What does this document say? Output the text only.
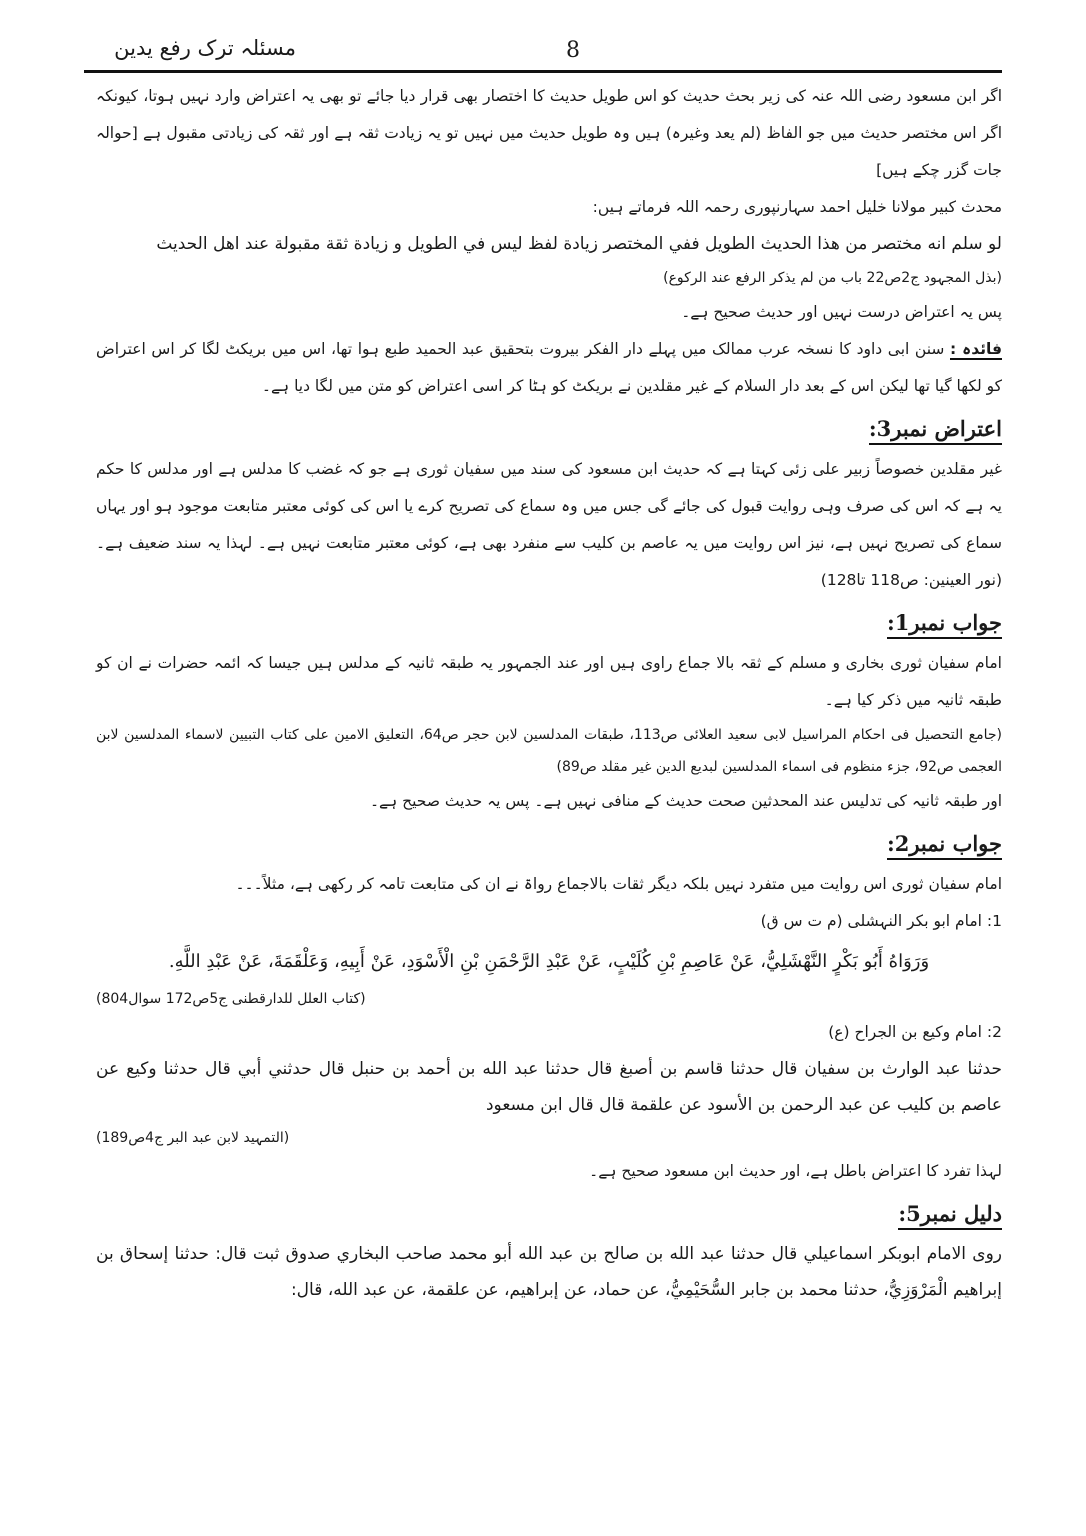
مسئلہ ترک رفع یدین	8

اگر ابن مسعود رضی اللہ عنہ کی زیر بحث حدیث کو اس طویل حدیث کا اختصار بھی قرار دیا جائے تو بھی یہ اعتراض وارد نہیں ہوتا، کیونکہ اگر اس مختصر حدیث میں جو الفاظ (لم یعد وغیرہ) ہیں وہ طویل حدیث میں نہیں تو یہ زیادت ثقہ ہے اور ثقہ کی زیادتی مقبول ہے [حوالہ جات گزر چکے ہیں]

محدث کبیر مولانا خلیل احمد سہارنپوری رحمہ اللہ فرماتے ہیں:

لو سلم انه مختصر من هذا الحديث الطويل ففي المختصر زيادة لفظ ليس في الطويل و زيادة ثقة مقبولة عند اهل الحديث

(بذل المجہود ج2ص22 باب من لم یذکر الرفع عند الرکوع)

پس یہ اعتراض درست نہیں اور حدیث صحیح ہے۔

فائدہ : سنن ابی داود کا نسخہ عرب ممالک میں پہلے دار الفکر بیروت بتحقیق عبد الحمید طبع ہوا تھا، اس میں بریکٹ لگا کر اس اعتراض کو لکھا گیا تھا لیکن اس کے بعد دار السلام کے غیر مقلدین نے بریکٹ کو ہٹا کر اسی اعتراض کو متن میں لگا دیا ہے۔

اعتراض نمبر3:

غیر مقلدین خصوصاً زبیر علی زئی کہتا ہے کہ حدیث ابن مسعود کی سند میں سفیان ثوری ہے جو کہ غضب کا مدلس ہے اور مدلس کا حکم یہ ہے کہ اس کی صرف وہی روایت قبول کی جائے گی جس میں وہ سماع کی تصریح کرے یا اس کی کوئی معتبر متابعت موجود ہو اور یہاں سماع کی تصریح نہیں ہے، نیز اس روایت میں یہ عاصم بن کلیب سے منفرد بھی ہے، کوئی معتبر متابعت نہیں ہے۔ لہذا یہ سند ضعیف ہے۔(نور العینین: ص118 تا128)

جواب نمبر1:

امام سفیان ثوری بخاری و مسلم کے ثقہ بالا جماع راوی ہیں اور عند الجمہور یہ طبقہ ثانیہ کے مدلس ہیں جیسا کہ ائمہ حضرات نے ان کو طبقہ ثانیہ میں ذکر کیا ہے۔

(جامع التحصیل فی احکام المراسیل لابی سعید العلائی ص113، طبقات المدلسین لابن حجر ص64، التعلیق الامین علی کتاب التبیین لاسماء المدلسین لابن العجمی ص92، جزء منظوم فی اسماء المدلسین لبدیع الدین غیر مقلد ص89)

اور طبقہ ثانیہ کی تدلیس عند المحدثین صحت حدیث کے منافی نہیں ہے۔ پس یہ حدیث صحیح ہے۔

جواب نمبر2:

امام سفیان ثوری اس روایت میں متفرد نہیں بلکہ دیگر ثقات بالاجماع رواۃ نے ان کی متابعت تامہ کر رکھی ہے، مثلاً۔۔۔

1: امام ابو بکر النہشلی (م ت س ق)

وَرَوَاهُ أَبُو بَكْرٍ النَّهْشَلِيُّ، عَنْ عَاصِمِ بْنِ كُلَيْبٍ، عَنْ عَبْدِ الرَّحْمَنِ بْنِ الْأَسْوَدِ، عَنْ أَبِيهِ، وَعَلْقَمَةَ، عَنْ عَبْدِ اللَّهِ.

(کتاب العلل للدارقطنی ج5ص172 سوال804)

2: امام وکیع بن الجراح (ع)

حدثنا عبد الوارث بن سفيان قال حدثنا قاسم بن أصبغ قال حدثنا عبد الله بن أحمد بن حنبل قال حدثني أبي قال حدثنا وكيع عن عاصم بن كليب عن عبد الرحمن بن الأسود عن علقمة قال قال ابن مسعود

(التمہید لابن عبد البر ج4ص189)

لہذا تفرد کا اعتراض باطل ہے، اور حدیث ابن مسعود صحیح ہے۔

دلیل نمبر5:

روى الامام ابوبكر اسماعيلي قال حدثنا عبد الله بن صالح بن عبد الله أبو محمد صاحب البخاري صدوق ثبت قال: حدثنا إسحاق بن إبراهيم الْمَرْوَزِيُّ، حدثنا محمد بن جابر السُّحَيْمِيُّ، عن حماد، عن إبراهيم، عن علقمة، عن عبد الله، قال:
